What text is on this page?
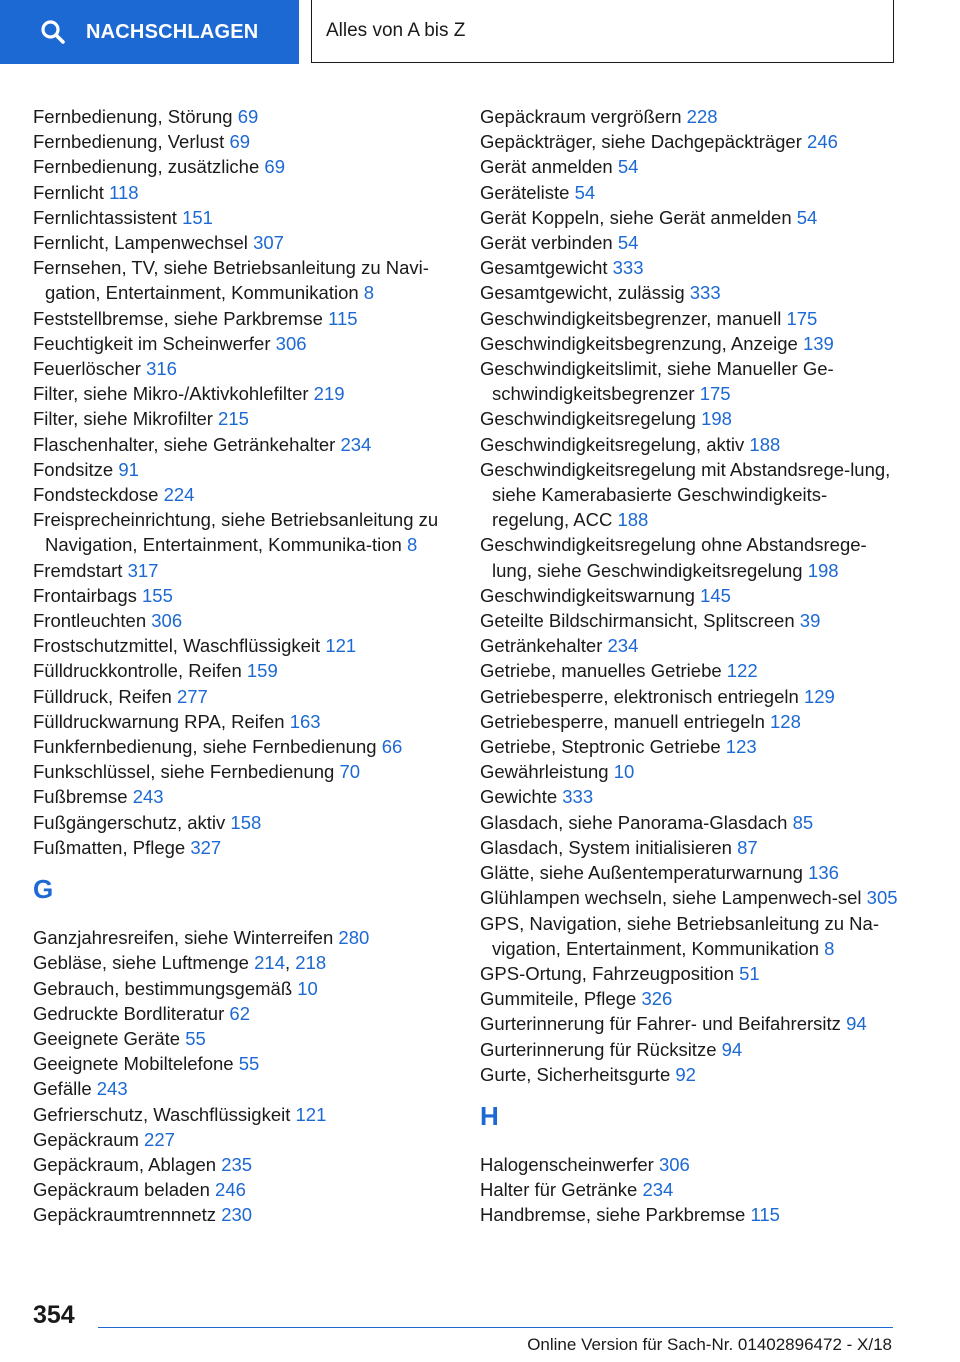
NACHSCHLAGEN	Alles von A bis Z
Fernbedienung, Störung 69
Fernbedienung, Verlust 69
Fernbedienung, zusätzliche 69
Fernlicht 118
Fernlichtassistent 151
Fernlicht, Lampenwechsel 307
Fernsehen, TV, siehe Betriebsanleitung zu Navi-gation, Entertainment, Kommunikation 8
Feststellbremse, siehe Parkbremse 115
Feuchtigkeit im Scheinwerfer 306
Feuerlöscher 316
Filter, siehe Mikro-/Aktivkohlefilter 219
Filter, siehe Mikrofilter 215
Flaschenhalter, siehe Getränkehalter 234
Fondsitze 91
Fondsteckdose 224
Freisprecheinrichtung, siehe Betriebsanleitung zu Navigation, Entertainment, Kommunika-tion 8
Fremdstart 317
Frontairbags 155
Frontleuchten 306
Frostschutzmittel, Waschflüssigkeit 121
Fülldruckkontrolle, Reifen 159
Fülldruck, Reifen 277
Fülldruckwarnung RPA, Reifen 163
Funkfernbedienung, siehe Fernbedienung 66
Funkschlüssel, siehe Fernbedienung 70
Fußbremse 243
Fußgängerschutz, aktiv 158
Fußmatten, Pflege 327
G
Ganzjahresreifen, siehe Winterreifen 280
Gebläse, siehe Luftmenge 214, 218
Gebrauch, bestimmungsgemäß 10
Gedruckte Bordliteratur 62
Geeignete Geräte 55
Geeignete Mobiltelefone 55
Gefälle 243
Gefrierschutz, Waschflüssigkeit 121
Gepäckraum 227
Gepäckraum, Ablagen 235
Gepäckraum beladen 246
Gepäckraumtrennnetz 230
Gepäckraum vergrößern 228
Gepäckträger, siehe Dachgepäckträger 246
Gerät anmelden 54
Geräteliste 54
Gerät Koppeln, siehe Gerät anmelden 54
Gerät verbinden 54
Gesamtgewicht 333
Gesamtgewicht, zulässig 333
Geschwindigkeitsbegrenzer, manuell 175
Geschwindigkeitsbegrenzung, Anzeige 139
Geschwindigkeitslimit, siehe Manueller Ge-schwindigkeitsbegrenzer 175
Geschwindigkeitsregelung 198
Geschwindigkeitsregelung, aktiv 188
Geschwindigkeitsregelung mit Abstandsrege-lung, siehe Kamerabasierte Geschwindigkeits-regelung, ACC 188
Geschwindigkeitsregelung ohne Abstandsrege-lung, siehe Geschwindigkeitsregelung 198
Geschwindigkeitswarnung 145
Geteilte Bildschirmansicht, Splitscreen 39
Getränkehalter 234
Getriebe, manuelles Getriebe 122
Getriebesperre, elektronisch entriegeln 129
Getriebesperre, manuell entriegeln 128
Getriebe, Steptronic Getriebe 123
Gewährleistung 10
Gewichte 333
Glasdach, siehe Panorama-Glasdach 85
Glasdach, System initialisieren 87
Glätte, siehe Außentemperaturwarnung 136
Glühlampen wechseln, siehe Lampenwech-sel 305
GPS, Navigation, siehe Betriebsanleitung zu Na-vigation, Entertainment, Kommunikation 8
GPS-Ortung, Fahrzeugposition 51
Gummiteile, Pflege 326
Gurterinnerung für Fahrer- und Beifahrersitz 94
Gurterinnerung für Rücksitze 94
Gurte, Sicherheitsgurte 92
H
Halogenscheinwerfer 306
Halter für Getränke 234
Handbremse, siehe Parkbremse 115
354
Online Version für Sach-Nr. 01402896472 - X/18
